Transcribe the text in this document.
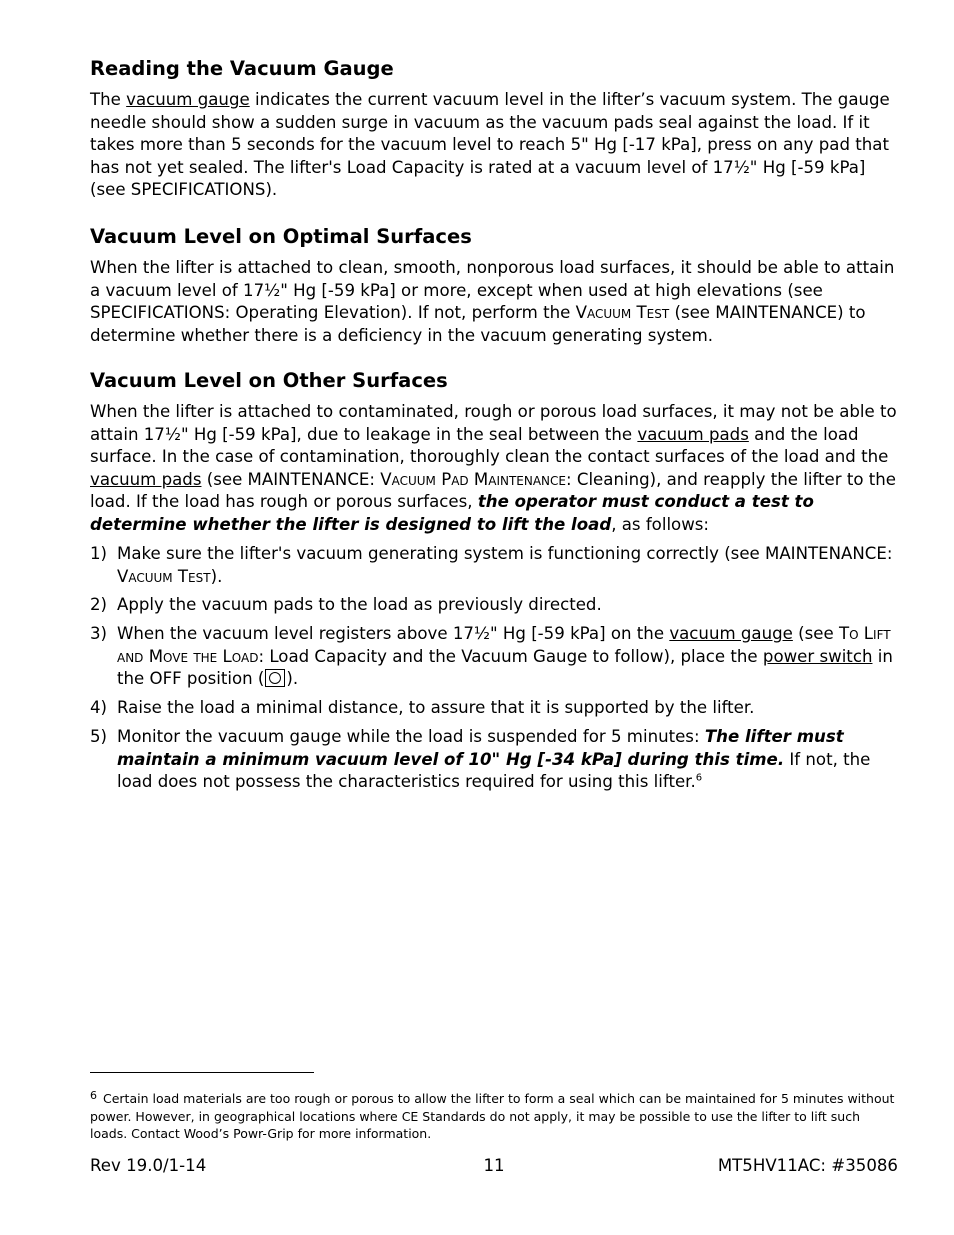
Reading the Vacuum Gauge
The vacuum gauge indicates the current vacuum level in the lifter’s vacuum system. The gauge needle should show a sudden surge in vacuum as the vacuum pads seal against the load. If it takes more than 5 seconds for the vacuum level to reach 5" Hg [-17 kPa], press on any pad that has not yet sealed. The lifter's Load Capacity is rated at a vacuum level of 17½" Hg [-59 kPa] (see SPECIFICATIONS).
Vacuum Level on Optimal Surfaces
When the lifter is attached to clean, smooth, nonporous load surfaces, it should be able to attain a vacuum level of 17½" Hg [-59 kPa] or more, except when used at high elevations (see SPECIFICATIONS: Operating Elevation). If not, perform the Vacuum Test (see MAINTENANCE) to determine whether there is a deficiency in the vacuum generating system.
Vacuum Level on Other Surfaces
When the lifter is attached to contaminated, rough or porous load surfaces, it may not be able to attain 17½" Hg [-59 kPa], due to leakage in the seal between the vacuum pads and the load surface. In the case of contamination, thoroughly clean the contact surfaces of the load and the vacuum pads (see MAINTENANCE: Vacuum Pad Maintenance: Cleaning), and reapply the lifter to the load. If the load has rough or porous surfaces, the operator must conduct a test to determine whether the lifter is designed to lift the load, as follows:
1) Make sure the lifter's vacuum generating system is functioning correctly (see MAINTENANCE: Vacuum Test).
2) Apply the vacuum pads to the load as previously directed.
3) When the vacuum level registers above 17½" Hg [-59 kPa] on the vacuum gauge (see To Lift and Move the Load: Load Capacity and the Vacuum Gauge to follow), place the power switch in the OFF position ( ).
4) Raise the load a minimal distance, to assure that it is supported by the lifter.
5) Monitor the vacuum gauge while the load is suspended for 5 minutes: The lifter must maintain a minimum vacuum level of 10" Hg [-34 kPa] during this time. If not, the load does not possess the characteristics required for using this lifter.$^6$
6 Certain load materials are too rough or porous to allow the lifter to form a seal which can be maintained for 5 minutes without power. However, in geographical locations where CE Standards do not apply, it may be possible to use the lifter to lift such loads. Contact Wood’s Powr-Grip for more information.
Rev 19.0/1-14	11	MT5HV11AC: #35086
